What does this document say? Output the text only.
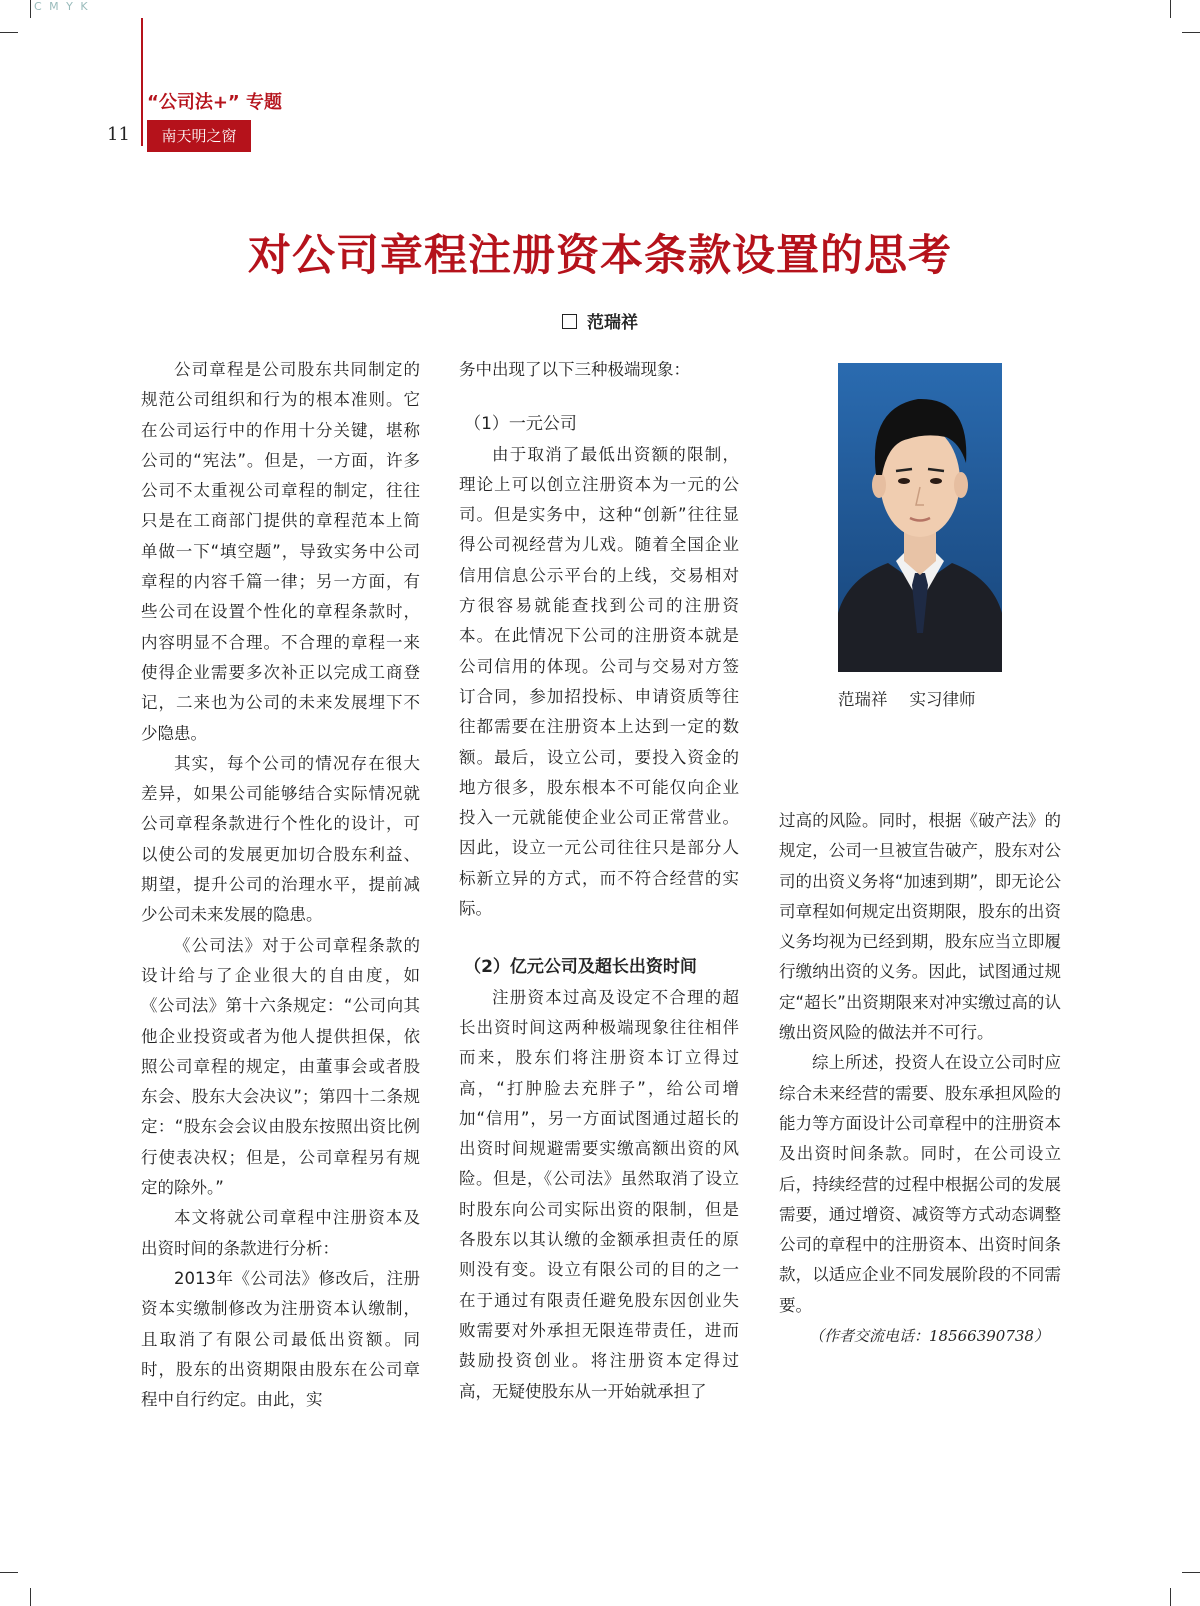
C M Y K
“公司法+” 专题
11	南天明之窗
对公司章程注册资本条款设置的思考
范瑞祥

公司章程是公司股东共同制定的规范公司组织和行为的根本准则。它在公司运行中的作用十分关键，堪称公司的“宪法”。但是，一方面，许多公司不太重视公司章程的制定，往往只是在工商部门提供的章程范本上简单做一下“填空题”，导致实务中公司章程的内容千篇一律；另一方面，有些公司在设置个性化的章程条款时，内容明显不合理。不合理的章程一来使得企业需要多次补正以完成工商登记，二来也为公司的未来发展埋下不少隐患。

其实，每个公司的情况存在很大差异，如果公司能够结合实际情况就公司章程条款进行个性化的设计，可以使公司的发展更加切合股东利益、期望，提升公司的治理水平，提前减少公司未来发展的隐患。

《公司法》对于公司章程条款的设计给与了企业很大的自由度，如《公司法》第十六条规定：“公司向其他企业投资或者为他人提供担保，依照公司章程的规定，由董事会或者股东会、股东大会决议”；第四十二条规定：“股东会会议由股东按照出资比例行使表决权；但是，公司章程另有规定的除外。”

本文将就公司章程中注册资本及出资时间的条款进行分析：

2013年《公司法》修改后，注册资本实缴制修改为注册资本认缴制，且取消了有限公司最低出资额。同时，股东的出资期限由股东在公司章程中自行约定。由此，实

务中出现了以下三种极端现象：

（1）一元公司

由于取消了最低出资额的限制，理论上可以创立注册资本为一元的公司。但是实务中，这种“创新”往往显得公司视经营为儿戏。随着全国企业信用信息公示平台的上线，交易相对方很容易就能查找到公司的注册资本。在此情况下公司的注册资本就是公司信用的体现。公司与交易对方签订合同，参加招投标、申请资质等往往都需要在注册资本上达到一定的数额。最后，设立公司，要投入资金的地方很多，股东根本不可能仅向企业投入一元就能使企业公司正常营业。因此，设立一元公司往往只是部分人标新立异的方式，而不符合经营的实际。

（2）亿元公司及超长出资时间

注册资本过高及设定不合理的超长出资时间这两种极端现象往往相伴而来，股东们将注册资本订立得过高，“打肿脸去充胖子”，给公司增加“信用”，另一方面试图通过超长的出资时间规避需要实缴高额出资的风险。但是，《公司法》虽然取消了设立时股东向公司实际出资的限制，但是各股东以其认缴的金额承担责任的原则没有变。设立有限公司的目的之一在于通过有限责任避免股东因创业失败需要对外承担无限连带责任，进而鼓励投资创业。将注册资本定得过高，无疑使股东从一开始就承担了

范瑞祥 实习律师

过高的风险。同时，根据《破产法》的规定，公司一旦被宣告破产，股东对公司的出资义务将“加速到期”，即无论公司章程如何规定出资期限，股东的出资义务均视为已经到期，股东应当立即履行缴纳出资的义务。因此，试图通过规定“超长”出资期限来对冲实缴过高的认缴出资风险的做法并不可行。

综上所述，投资人在设立公司时应综合未来经营的需要、股东承担风险的能力等方面设计公司章程中的注册资本及出资时间条款。同时，在公司设立后，持续经营的过程中根据公司的发展需要，通过增资、减资等方式动态调整公司的章程中的注册资本、出资时间条款，以适应企业不同发展阶段的不同需要。

（作者交流电话：18566390738）
